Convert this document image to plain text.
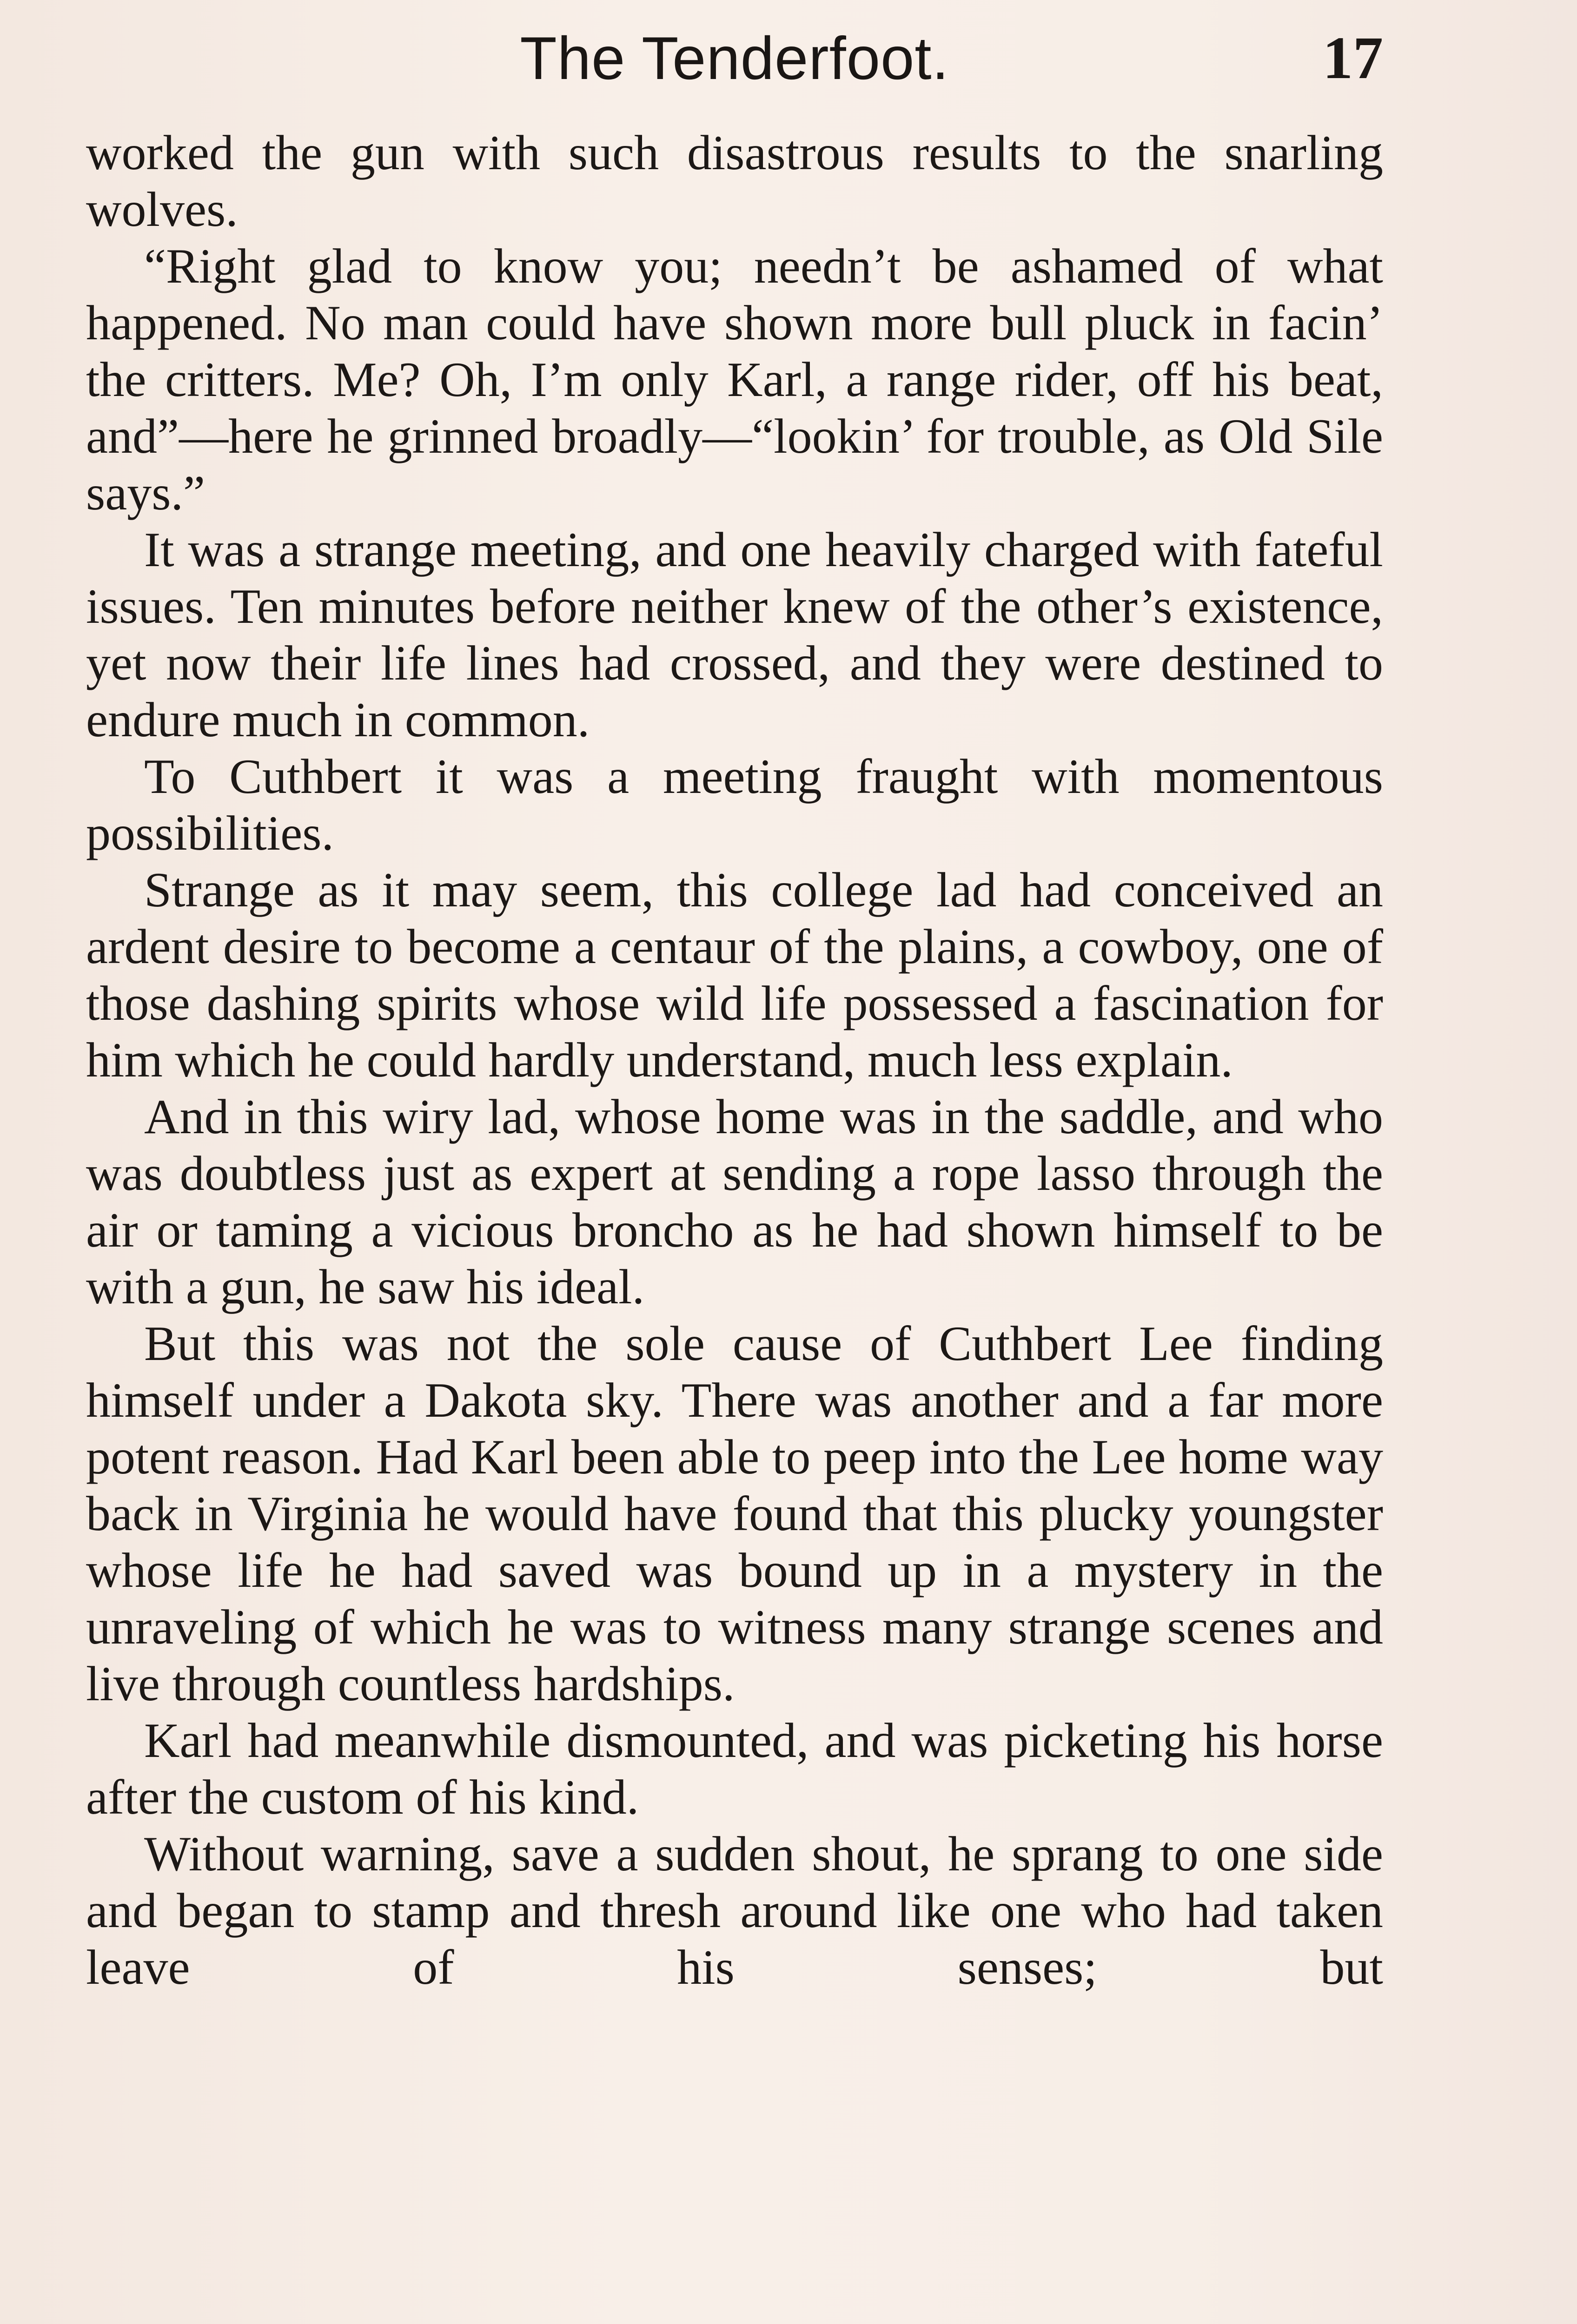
The Tenderfoot.	17

worked the gun with such disastrous results to the snarling wolves.

“Right glad to know you; needn’t be ashamed of what happened. No man could have shown more bull pluck in facin’ the critters. Me? Oh, I’m only Karl, a range rider, off his beat, and”—here he grinned broadly—“lookin’ for trouble, as Old Sile says.”

It was a strange meeting, and one heavily charged with fateful issues. Ten minutes before neither knew of the other’s existence, yet now their life lines had crossed, and they were destined to endure much in common.

To Cuthbert it was a meeting fraught with momentous possibilities.

Strange as it may seem, this college lad had conceived an ardent desire to become a centaur of the plains, a cowboy, one of those dashing spirits whose wild life possessed a fascination for him which he could hardly understand, much less explain.

And in this wiry lad, whose home was in the saddle, and who was doubtless just as expert at sending a rope lasso through the air or taming a vicious broncho as he had shown himself to be with a gun, he saw his ideal.

But this was not the sole cause of Cuthbert Lee finding himself under a Dakota sky. There was another and a far more potent reason. Had Karl been able to peep into the Lee home way back in Virginia he would have found that this plucky youngster whose life he had saved was bound up in a mystery in the unraveling of which he was to witness many strange scenes and live through countless hardships.

Karl had meanwhile dismounted, and was picketing his horse after the custom of his kind.

Without warning, save a sudden shout, he sprang to one side and began to stamp and thresh around like one who had taken leave of his senses; but
